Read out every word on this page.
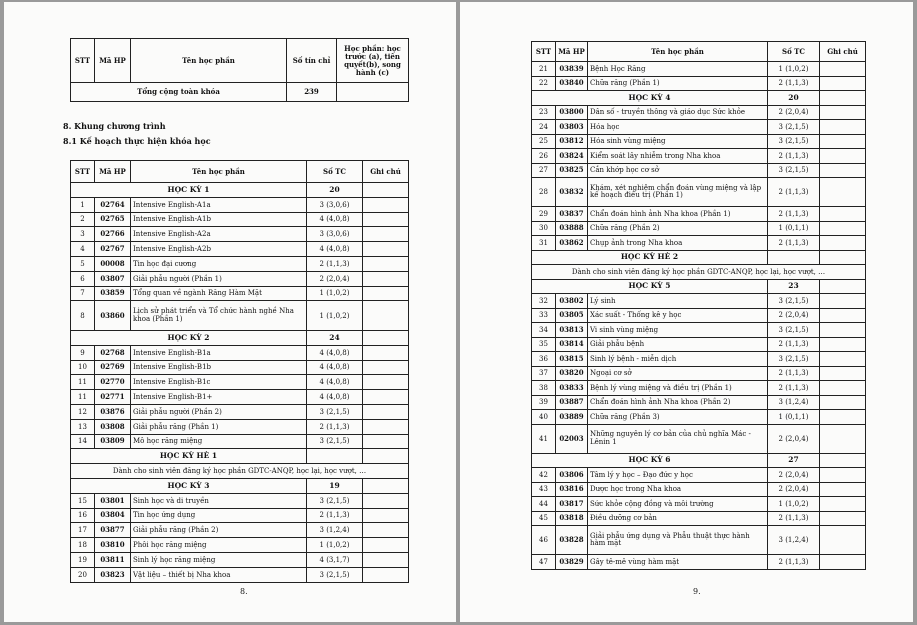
STT	Mã HP	Tên học phần	Số tín chỉ	Học phần: học trước (a), tiên quyết(b), song hành (c)
Tổng cộng toàn khóa			239	
8. Khung chương trình
8.1 Kế hoạch thực hiện khóa học
STT	Mã HP	Tên học phần	Số TC	Ghi chú
HỌC KỲ 1			20	
1	02764	Intensive English-A1a	3 (3,0,6)	
2	02765	Intensive English-A1b	4 (4,0,8)	
3	02766	Intensive English-A2a	3 (3,0,6)	
4	02767	Intensive English-A2b	4 (4,0,8)	
5	00008	Tin học đại cương	2 (1,1,3)	
6	03807	Giải phẫu người (Phần 1)	2 (2,0,4)	
7	03859	Tổng quan về ngành Răng Hàm Mặt	1 (1,0,2)	
8	03860	Lịch sử phát triển và Tổ chức hành nghề Nha khoa (Phần 1)	1 (1,0,2)	
HỌC KỲ 2			24	
9	02768	Intensive English-B1a	4 (4,0,8)	
10	02769	Intensive English-B1b	4 (4,0,8)	
11	02770	Intensive English-B1c	4 (4,0,8)	
11	02771	Intensive English-B1+	4 (4,0,8)	
12	03876	Giải phẫu người (Phần 2)	3 (2,1,5)	
13	03808	Giải phẫu răng (Phần 1)	2 (1,1,3)	
14	03809	Mô học răng miệng	3 (2,1,5)	
HỌC KỲ HÈ 1				
Dành cho sinh viên đăng ký học phần GDTC-ANQP, học lại, học vượt, …				
HỌC KỲ 3			19	
15	03801	Sinh học và di truyền	3 (2,1,5)	
16	03804	Tin học ứng dụng	2 (1,1,3)	
17	03877	Giải phẫu răng (Phần 2)	3 (1,2,4)	
18	03810	Phôi học răng miệng	1 (1,0,2)	
19	03811	Sinh lý học răng miệng	4 (3,1,7)	
20	03823	Vật liệu – thiết bị Nha khoa	3 (2,1,5)	
8.
STT	Mã HP	Tên học phần	Số TC	Ghi chú
21	03839	Bệnh Học Răng	1 (1,0,2)	
22	03840	Chữa răng (Phần 1)	2 (1,1,3)	
HỌC KỲ 4			20	
23	03800	Dân số - truyền thông và giáo dục Sức khỏe	2 (2,0,4)	
24	03803	Hóa học	3 (2,1,5)	
25	03812	Hóa sinh vùng miệng	3 (2,1,5)	
26	03824	Kiểm soát lây nhiễm trong Nha khoa	2 (1,1,3)	
27	03825	Cắn khớp học cơ sở	3 (2,1,5)	
28	03832	Khám, xét nghiệm chẩn đoán vùng miệng và lập kế hoạch điều trị (Phần 1)	2 (1,1,3)	
29	03837	Chẩn đoán hình ảnh Nha khoa (Phần 1)	2 (1,1,3)	
30	03888	Chữa răng (Phần 2)	1 (0,1,1)	
31	03862	Chụp ảnh trong Nha khoa	2 (1,1,3)	
HỌC KỲ HÈ 2				
Dành cho sinh viên đăng ký học phần GDTC-ANQP, học lại, học vượt, …				
HỌC KỲ 5			23	
32	03802	Lý sinh	3 (2,1,5)	
33	03805	Xác suất - Thống kê y học	2 (2,0,4)	
34	03813	Vi sinh vùng miệng	3 (2,1,5)	
35	03814	Giải phẫu bệnh	2 (1,1,3)	
36	03815	Sinh lý bệnh - miễn dịch	3 (2,1,5)	
37	03820	Ngoại cơ sở	2 (1,1,3)	
38	03833	Bệnh lý vùng miệng và điều trị (Phần 1)	2 (1,1,3)	
39	03887	Chẩn đoán hình ảnh Nha khoa (Phần 2)	3 (1,2,4)	
40	03889	Chữa răng (Phần 3)	1 (0,1,1)	
41	02003	Những nguyên lý cơ bản của chủ nghĩa Mác - Lênin 1	2 (2,0,4)	
HỌC KỲ 6			27	
42	03806	Tâm lý y học – Đạo đức y học	2 (2,0,4)	
43	03816	Dược học trong Nha khoa	2 (2,0,4)	
44	03817	Sức khỏe cộng đồng và môi trường	1 (1,0,2)	
45	03818	Điều dưỡng cơ bản	2 (1,1,3)	
46	03828	Giải phẫu ứng dụng và Phẫu thuật thực hành hàm mặt	3 (1,2,4)	
47	03829	Gây tê-mê vùng hàm mặt	2 (1,1,3)	
9.
